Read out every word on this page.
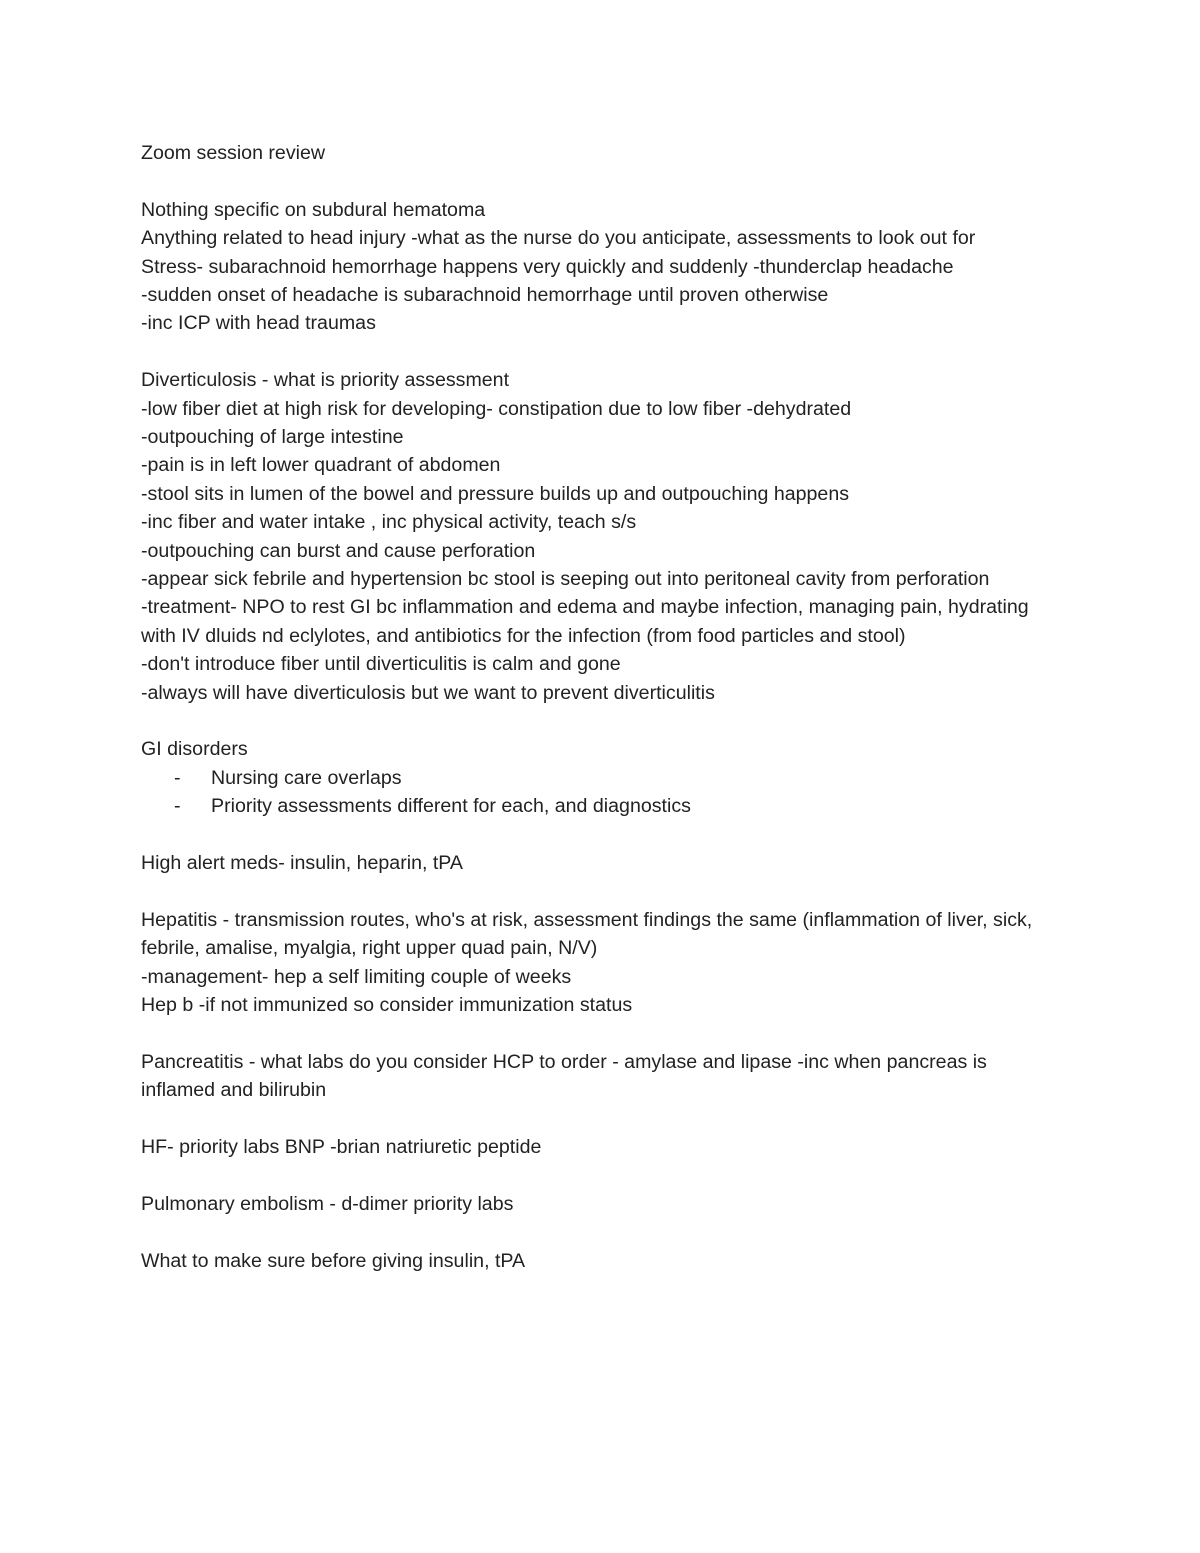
Zoom session review

Nothing specific on subdural hematoma

Anything related to head injury -what as the nurse do you anticipate, assessments to look out for

Stress- subarachnoid hemorrhage happens very quickly and suddenly -thunderclap headache

-sudden onset of headache is subarachnoid hemorrhage until proven otherwise

-inc ICP with head traumas

Diverticulosis - what is priority assessment

-low fiber diet at high risk for developing- constipation due to low fiber -dehydrated

-outpouching of large intestine

-pain is in left lower quadrant of abdomen

-stool sits in lumen of the bowel and pressure builds up and outpouching happens

-inc fiber and water intake , inc physical activity, teach s/s

-outpouching can burst and cause perforation

-appear sick febrile and hypertension bc stool is seeping out into peritoneal cavity from perforation

-treatment- NPO to rest GI bc inflammation and edema and maybe infection, managing pain, hydrating with IV dluids nd eclylotes, and antibiotics for the infection (from food particles and stool)

-don't introduce fiber until diverticulitis is calm and gone

-always will have diverticulosis but we want to prevent diverticulitis

GI disorders

- Nursing care overlaps
- Priority assessments different for each, and diagnostics

High alert meds- insulin, heparin, tPA

Hepatitis - transmission routes, who's at risk, assessment findings the same (inflammation of liver, sick, febrile, amalise, myalgia, right upper quad pain, N/V)

-management- hep a self limiting couple of weeks

Hep b -if not immunized so consider immunization status

Pancreatitis - what labs do you consider HCP to order - amylase and lipase -inc when pancreas is inflamed and bilirubin

HF- priority labs BNP -brian natriuretic peptide

Pulmonary embolism - d-dimer priority labs

What to make sure before giving insulin, tPA
